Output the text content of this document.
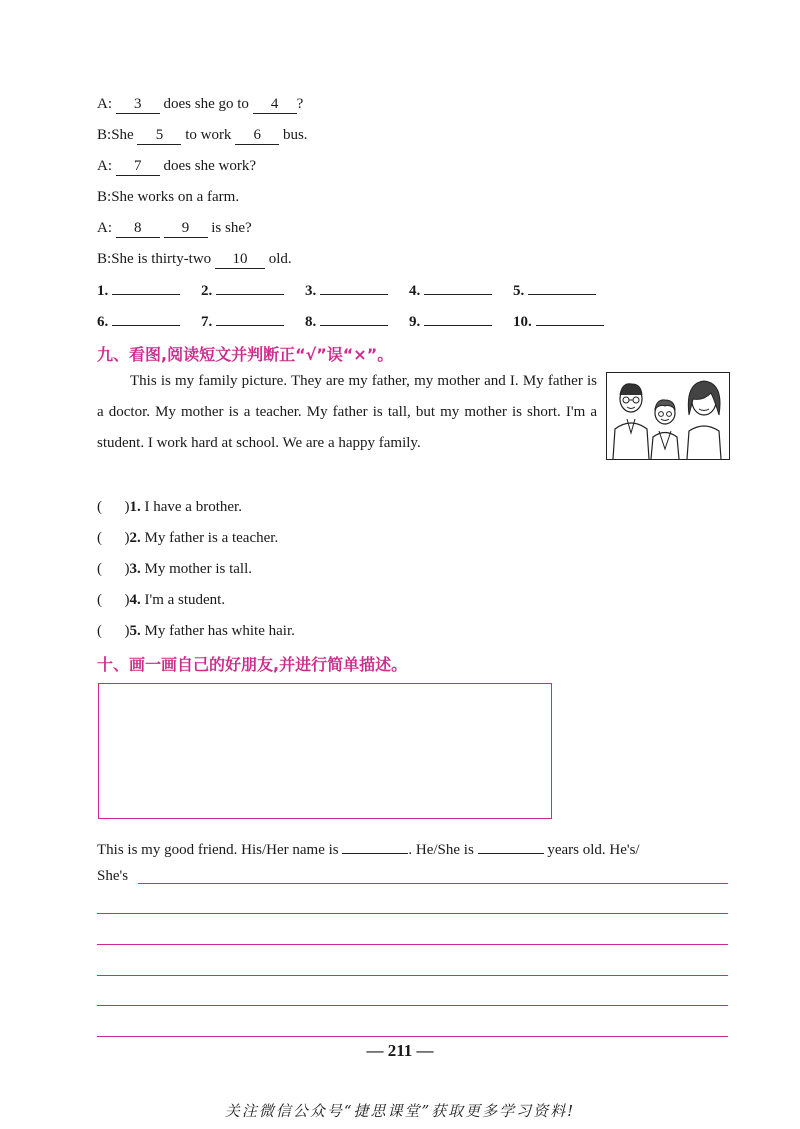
A: 3 does she go to 4 ?
B:She 5 to work 6 bus.
A: 7 does she work?
B:She works on a farm.
A: 8	9 is she?
B:She is thirty-two 10 old.
1.	2.	3.	4.	5.
6.	7.	8.	9.	10.
九、看图,阅读短文并判断正“√”误“×”。
This is my family picture. They are my father, my mother and I. My father is a doctor. My mother is a teacher. My father is tall, but my mother is short. I'm a student. I work hard at school. We are a happy family.
(      )1. I have a brother.
(      )2. My father is a teacher.
(      )3. My mother is tall.
(      )4. I'm a student.
(      )5. My father has white hair.
十、画一画自己的好朋友,并进行简单描述。
This is my good friend. His/Her name is	. He/She is	years old. He's/
She's
— 211 —
关注微信公众号“捷思课堂”获取更多学习资料!
